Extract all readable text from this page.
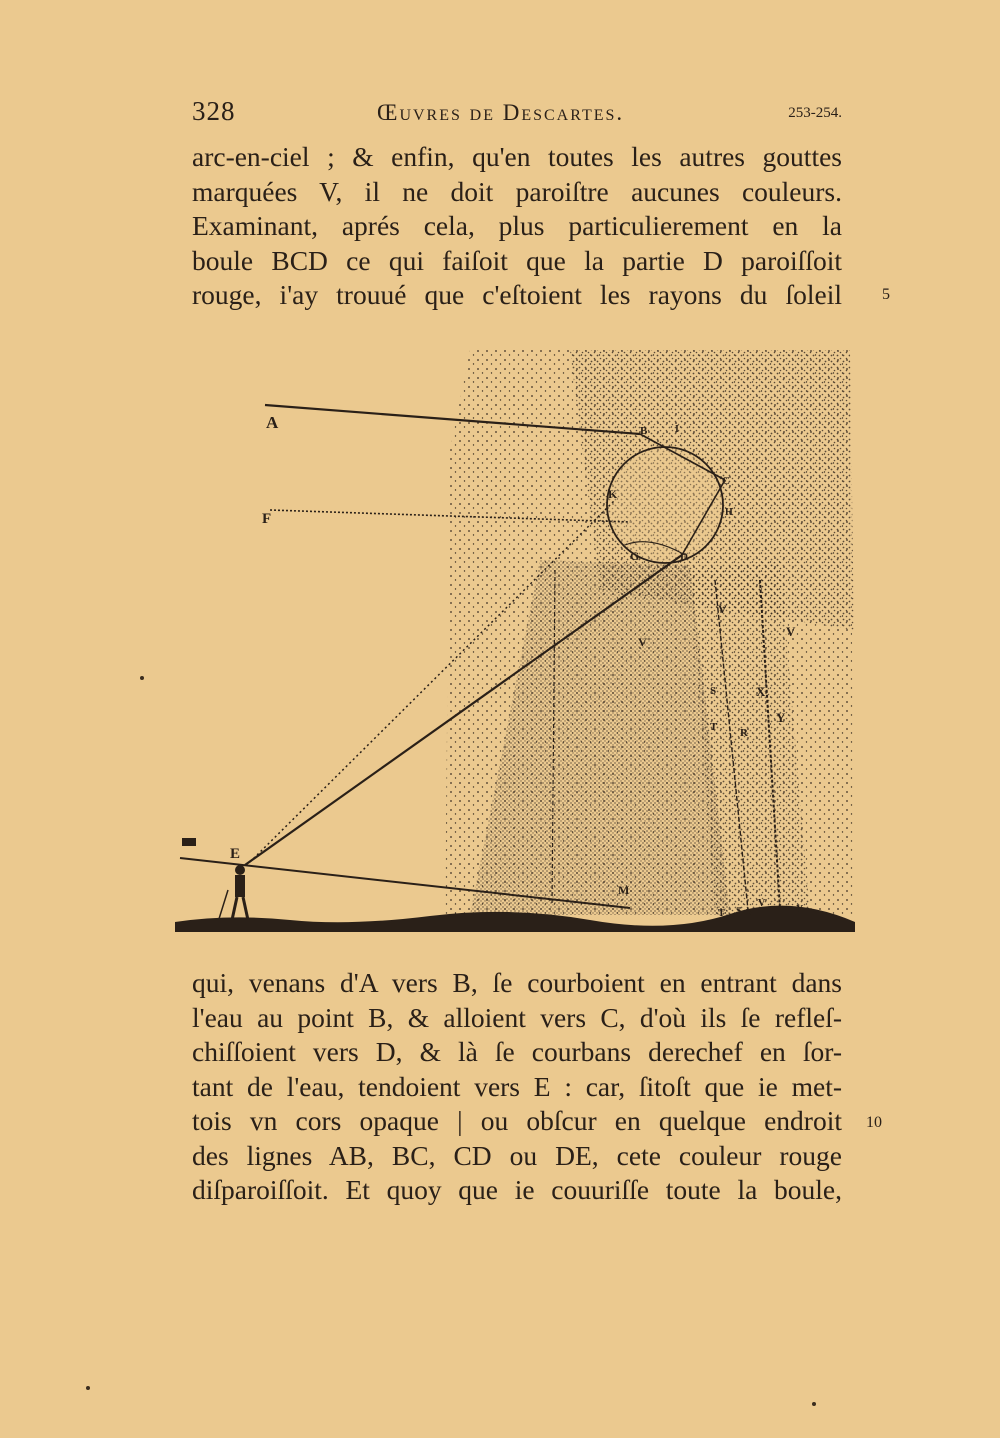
328	Œuvres de Descartes.	253-254.
arc-en-ciel ; & enfin, qu'en toutes les autres gouttes
marquées V, il ne doit paroiſtre aucunes couleurs.
Examinant, aprés cela, plus particulierement en la
boule BCD ce qui faiſoit que la partie D paroiſſoit
rouge, i'ay trouué que c'eſtoient les rayons du ſoleil	5
A
F
B	I
K
C
H
G	D
V
V
V
S	X
T R
Y
E
M
T S R
V
Y
qui, venans d'A vers B, ſe courboient en entrant dans
l'eau au point B, & alloient vers C, d'où ils ſe refleſ-
chiſſoient vers D, & là ſe courbans derechef en ſor-
tant de l'eau, tendoient vers E : car, ſitoſt que ie met-
tois vn cors opaque | ou obſcur en quelque endroit
des lignes AB, BC, CD ou DE, cete couleur rouge
diſparoiſſoit. Et quoy que ie couuriſſe toute la boule,
10
